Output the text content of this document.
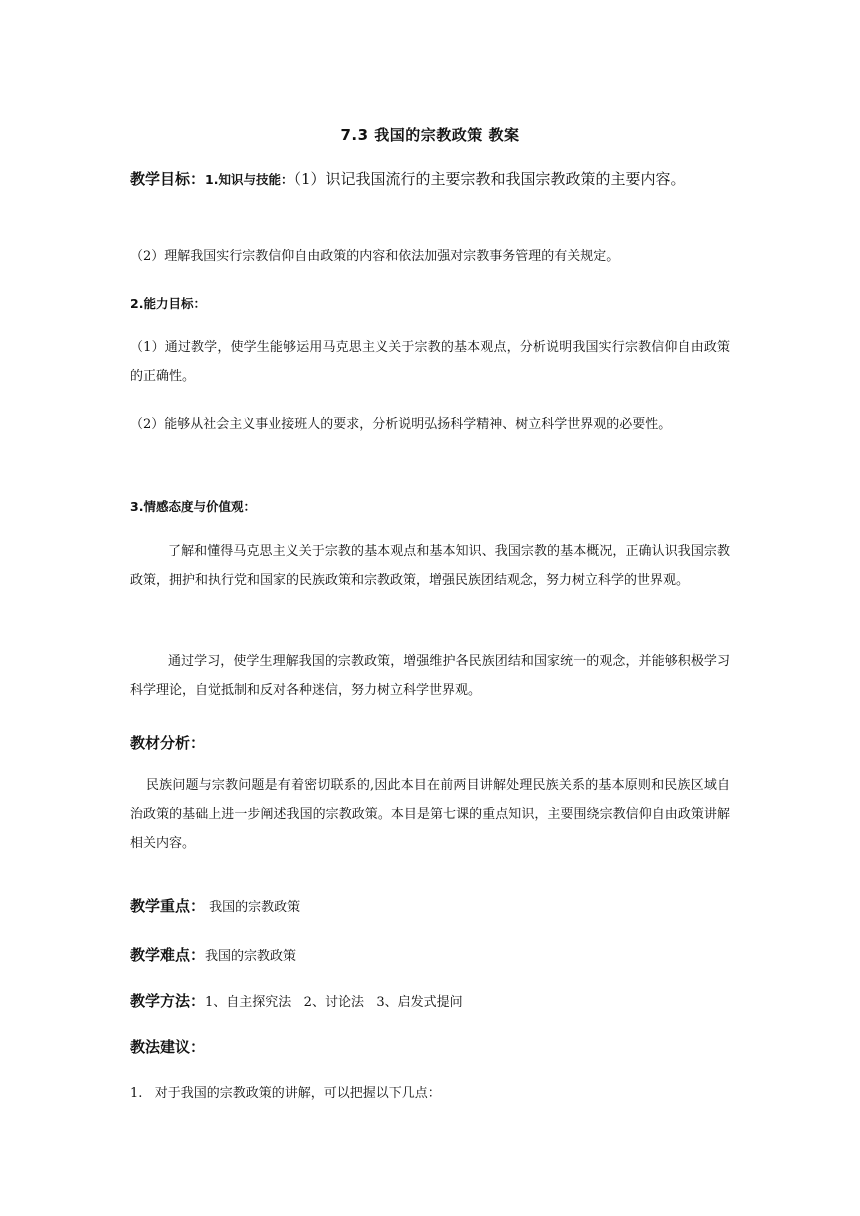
7.3 我国的宗教政策 教案
教学目标：1.知识与技能：（1）识记我国流行的主要宗教和我国宗教政策的主要内容。
（2）理解我国实行宗教信仰自由政策的内容和依法加强对宗教事务管理的有关规定。
2.能力目标：
（1）通过教学，使学生能够运用马克思主义关于宗教的基本观点，分析说明我国实行宗教信仰自由政策的正确性。
（2）能够从社会主义事业接班人的要求，分析说明弘扬科学精神、树立科学世界观的必要性。
3.情感态度与价值观：
了解和懂得马克思主义关于宗教的基本观点和基本知识、我国宗教的基本概况，正确认识我国宗教政策，拥护和执行党和国家的民族政策和宗教政策，增强民族团结观念，努力树立科学的世界观。
通过学习，使学生理解我国的宗教政策，增强维护各民族团结和国家统一的观念，并能够积极学习科学理论，自觉抵制和反对各种迷信，努力树立科学世界观。
教材分析：
民族问题与宗教问题是有着密切联系的,因此本目在前两目讲解处理民族关系的基本原则和民族区域自治政策的基础上进一步阐述我国的宗教政策。本目是第七课的重点知识，主要围绕宗教信仰自由政策讲解相关内容。
教学重点： 我国的宗教政策
教学难点：我国的宗教政策
教学方法：1、自主探究法   2、讨论法   3、启发式提问
教法建议：
1.   对于我国的宗教政策的讲解，可以把握以下几点：
